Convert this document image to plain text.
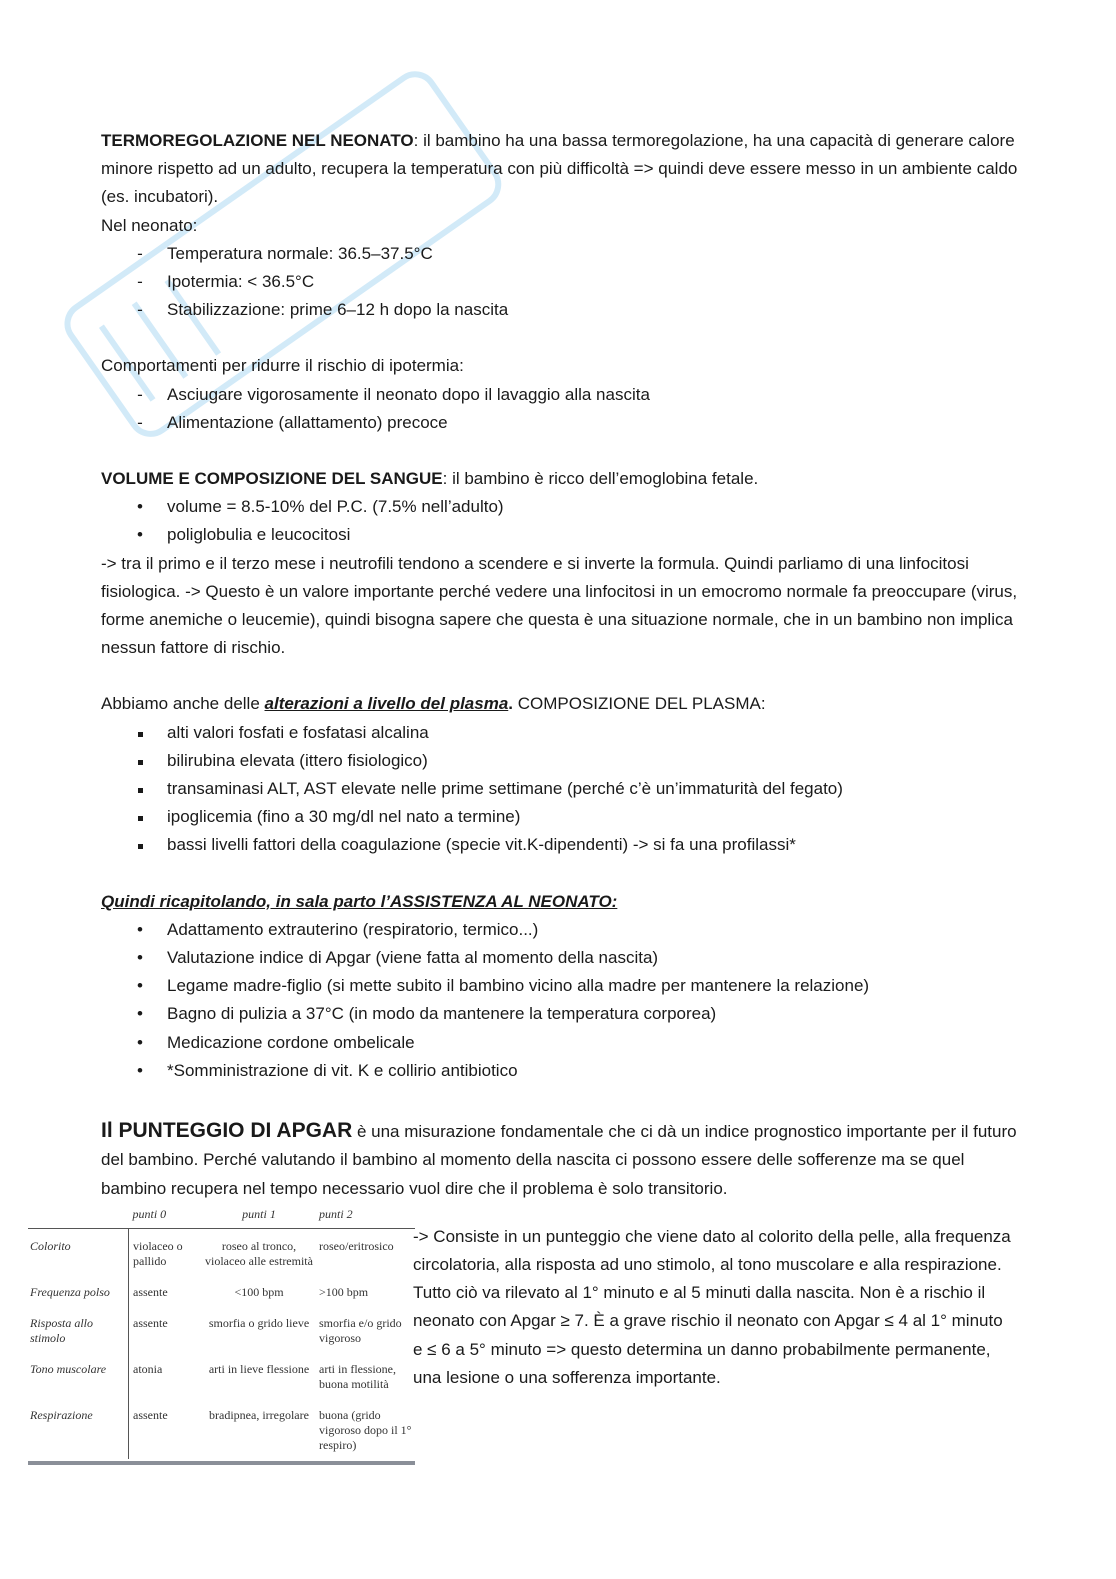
TERMOREGOLAZIONE NEL NEONATO: il bambino ha una bassa termoregolazione, ha una capacità di generare calore minore rispetto ad un adulto, recupera la temperatura con più difficoltà => quindi deve essere messo in un ambiente caldo (es. incubatori).

Nel neonato:

- Temperatura normale: 36.5–37.5°C
- Ipotermia: < 36.5°C
- Stabilizzazione: prime 6–12 h dopo la nascita

Comportamenti per ridurre il rischio di ipotermia:

- Asciugare vigorosamente il neonato dopo il lavaggio alla nascita
- Alimentazione (allattamento) precoce

VOLUME E COMPOSIZIONE DEL SANGUE: il bambino è ricco dell’emoglobina fetale.

• volume = 8.5-10% del P.C. (7.5% nell’adulto)
• poliglobulia e leucocitosi

-> tra il primo e il terzo mese i neutrofili tendono a scendere e si inverte la formula. Quindi parliamo di una linfocitosi fisiologica. -> Questo è un valore importante perché vedere una linfocitosi in un emocromo normale fa preoccupare (virus, forme anemiche o leucemie), quindi bisogna sapere che questa è una situazione normale, che in un bambino non implica nessun fattore di rischio.

Abbiamo anche delle alterazioni a livello del plasma. COMPOSIZIONE DEL PLASMA:

alti valori fosfati e fosfatasi alcalina
bilirubina elevata (ittero fisiologico)
transaminasi ALT, AST elevate nelle prime settimane (perché c’è un’immaturità del fegato)
ipoglicemia (fino a 30 mg/dl nel nato a termine)
bassi livelli fattori della coagulazione (specie vit.K-dipendenti) -> si fa una profilassi*

Quindi ricapitolando, in sala parto l’ASSISTENZA AL NEONATO:

• Adattamento extrauterino (respiratorio, termico...)
• Valutazione indice di Apgar (viene fatta al momento della nascita)
• Legame madre-figlio (si mette subito il bambino vicino alla madre per mantenere la relazione)
• Bagno di pulizia a 37°C (in modo da mantenere la temperatura corporea)
• Medicazione cordone ombelicale
• *Somministrazione di vit. K e collirio antibiotico

Il PUNTEGGIO DI APGAR è una misurazione fondamentale che ci dà un indice prognostico importante per il futuro del bambino. Perché valutando il bambino al momento della nascita ci possono essere delle sofferenze ma se quel bambino recupera nel tempo necessario vuol dire che il problema è solo transitorio.

	punti 0	punti 1	punti 2
Colorito	violaceo o pallido	roseo al tronco, violaceo alle estremità	roseo/eritrosico
Frequenza polso	assente	<100 bpm	>100 bpm
Risposta allo stimolo	assente	smorfia o grido lieve	smorfia e/o grido vigoroso
Tono muscolare	atonia	arti in lieve flessione	arti in flessione, buona motilità
Respirazione	assente	bradipnea, irregolare	buona (grido vigoroso dopo il 1° respiro)

-> Consiste in un punteggio che viene dato al colorito della pelle, alla frequenza circolatoria, alla risposta ad uno stimolo, al tono muscolare e alla respirazione. Tutto ciò va rilevato al 1° minuto e al 5 minuti dalla nascita. Non è a rischio il neonato con Apgar ≥ 7. È a grave rischio il neonato con Apgar ≤ 4 al 1° minuto e ≤ 6 a 5° minuto => questo determina un danno probabilmente permanente, una lesione o una sofferenza importante.
